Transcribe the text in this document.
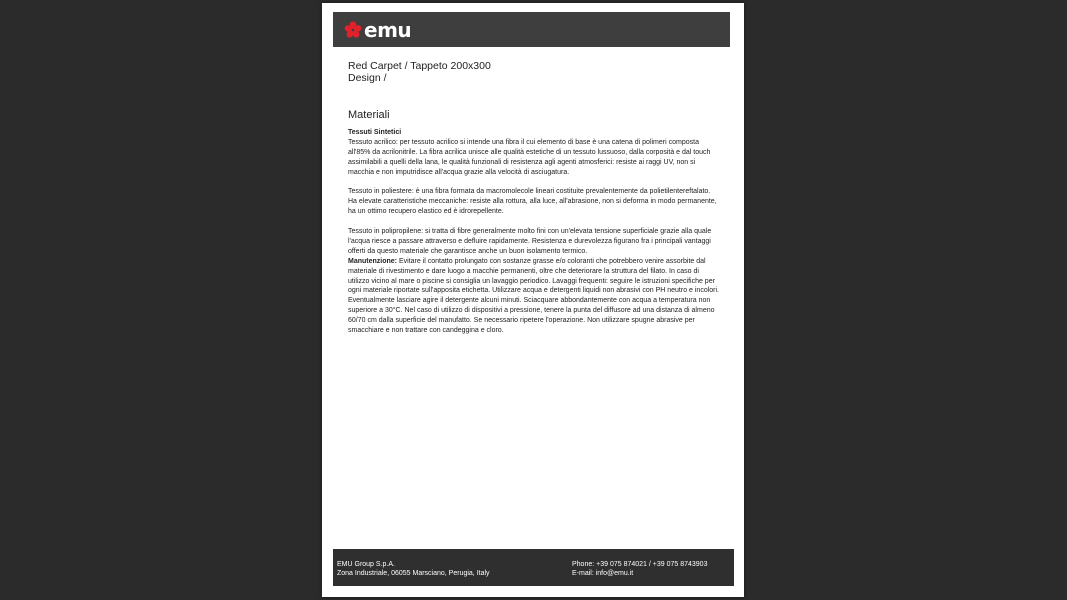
emu
Red Carpet / Tappeto 200x300
Design /
Materiali

Tessuti Sintetici

Tessuto acrilico: per tessuto acrilico si intende una fibra il cui elemento di base è una catena di polimeri composta all'85% da acrilonitrile. La fibra acrilica unisce alle qualità estetiche di un tessuto lussuoso, dalla corposità e dal touch assimilabili a quelli della lana, le qualità funzionali di resistenza agli agenti atmosferici: resiste ai raggi UV, non si macchia e non imputridisce all'acqua grazie alla velocità di asciugatura.

Tessuto in poliestere: è una fibra formata da macromolecole lineari costituite prevalentemente da polietilentereftalato. Ha elevate caratteristiche meccaniche: resiste alla rottura, alla luce, all'abrasione, non si deforma in modo permanente, ha un ottimo recupero elastico ed è idrorepellente.

Tessuto in polipropilene: si tratta di fibre generalmente molto fini con un'elevata tensione superficiale grazie alla quale l'acqua riesce a passare attraverso e defluire rapidamente. Resistenza e durevolezza figurano fra i principali vantaggi offerti da questo materiale che garantisce anche un buon isolamento termico.

Manutenzione: Evitare il contatto prolungato con sostanze grasse e/o coloranti che potrebbero venire assorbite dal materiale di rivestimento e dare luogo a macchie permanenti, oltre che deteriorare la struttura del filato. In caso di utilizzo vicino al mare o piscine si consiglia un lavaggio periodico. Lavaggi frequenti: seguire le istruzioni specifiche per ogni materiale riportate sull'apposita etichetta. Utilizzare acqua e detergenti liquidi non abrasivi con PH neutro e incolori. Eventualmente lasciare agire il detergente alcuni minuti. Sciacquare abbondantemente con acqua a temperatura non superiore a 30°C. Nel caso di utilizzo di dispositivi a pressione, tenere la punta del diffusore ad una distanza di almeno 60/70 cm dalla superficie del manufatto. Se necessario ripetere l'operazione. Non utilizzare spugne abrasive per smacchiare e non trattare con candeggina e cloro.

EMU Group S.p.A.
Zona Industriale, 06055 Marsciano, Perugia, Italy
Phone: +39 075 874021 / +39 075 8743903
E-mail: info@emu.it
